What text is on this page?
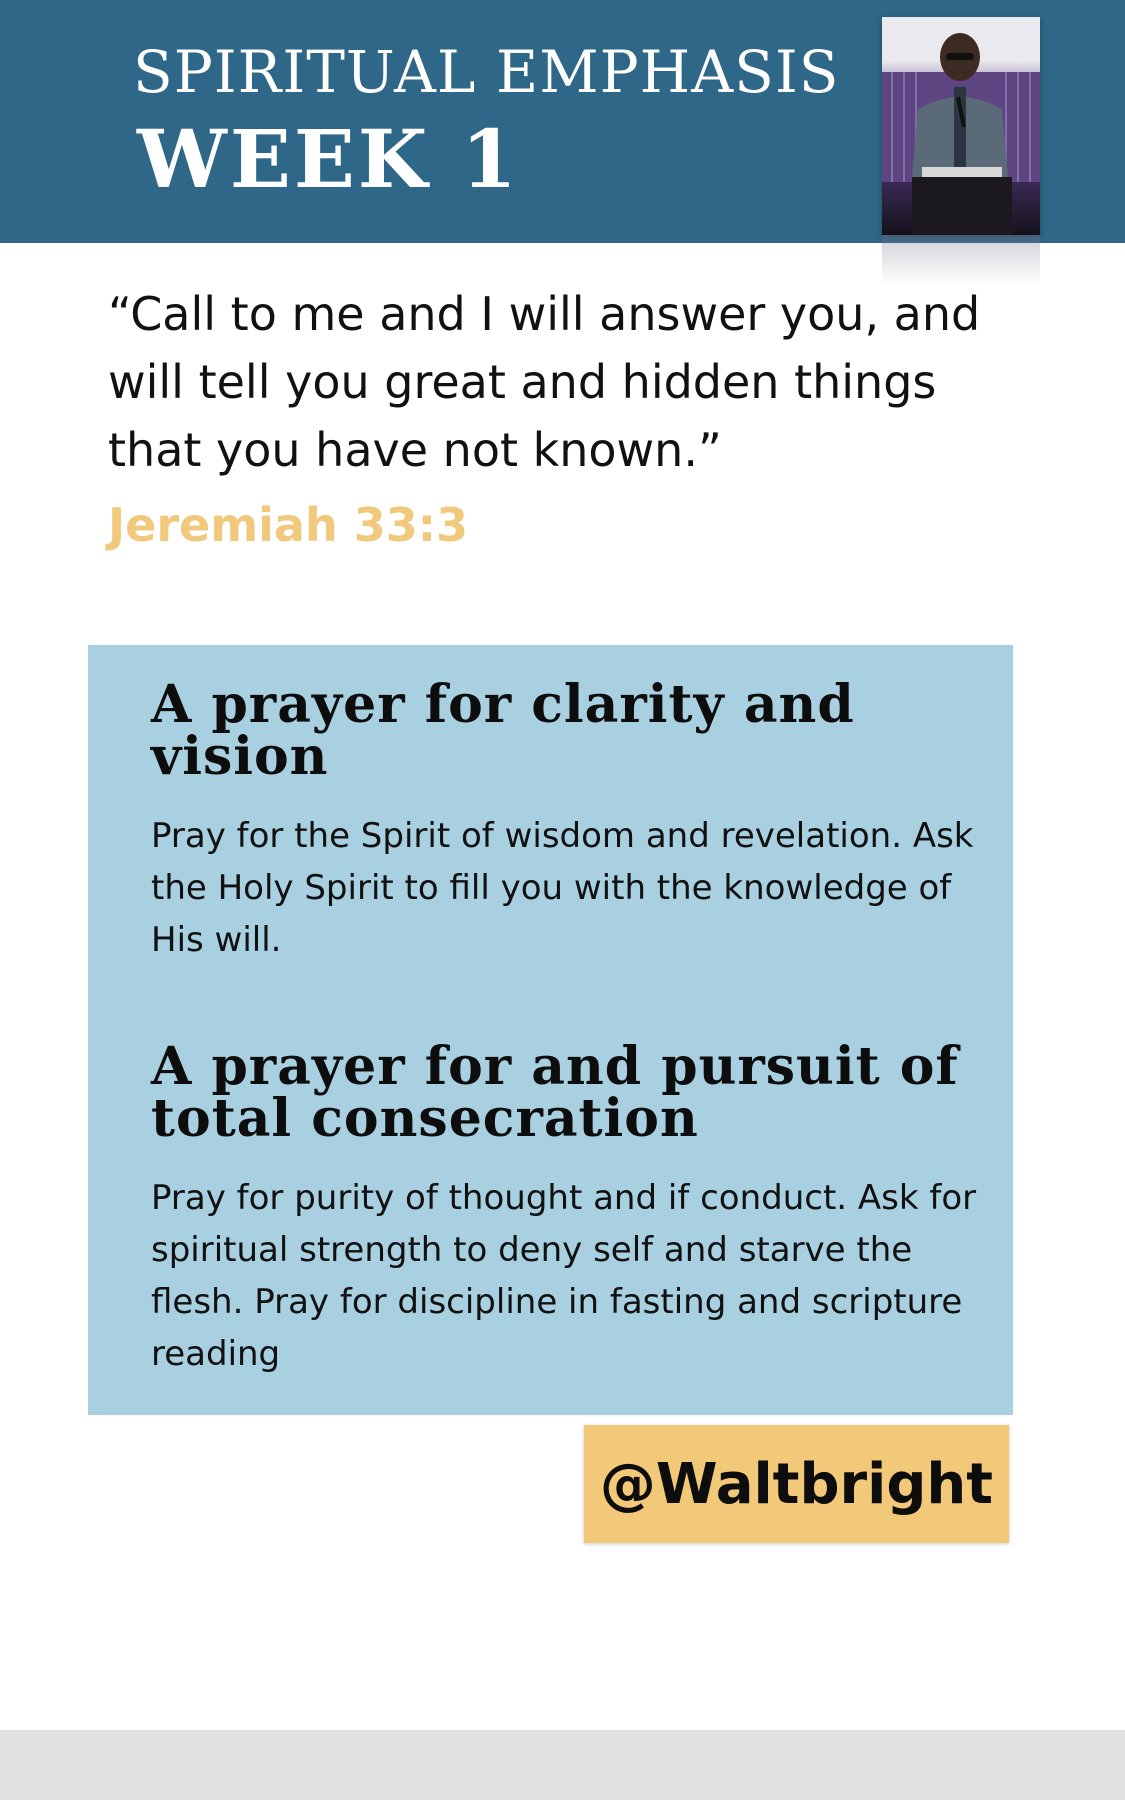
SPIRITUAL EMPHASIS
WEEK 1

“Call to me and I will answer you, and will tell you great and hidden things that you have not known.”

Jeremiah 33:3

A prayer for clarity and vision

Pray for the Spirit of wisdom and revelation. Ask the Holy Spirit to fill you with the knowledge of His will.

A prayer for and pursuit of total consecration

Pray for purity of thought and if conduct. Ask for spiritual strength to deny self and starve the flesh. Pray for discipline in fasting and scripture reading

@Waltbright
